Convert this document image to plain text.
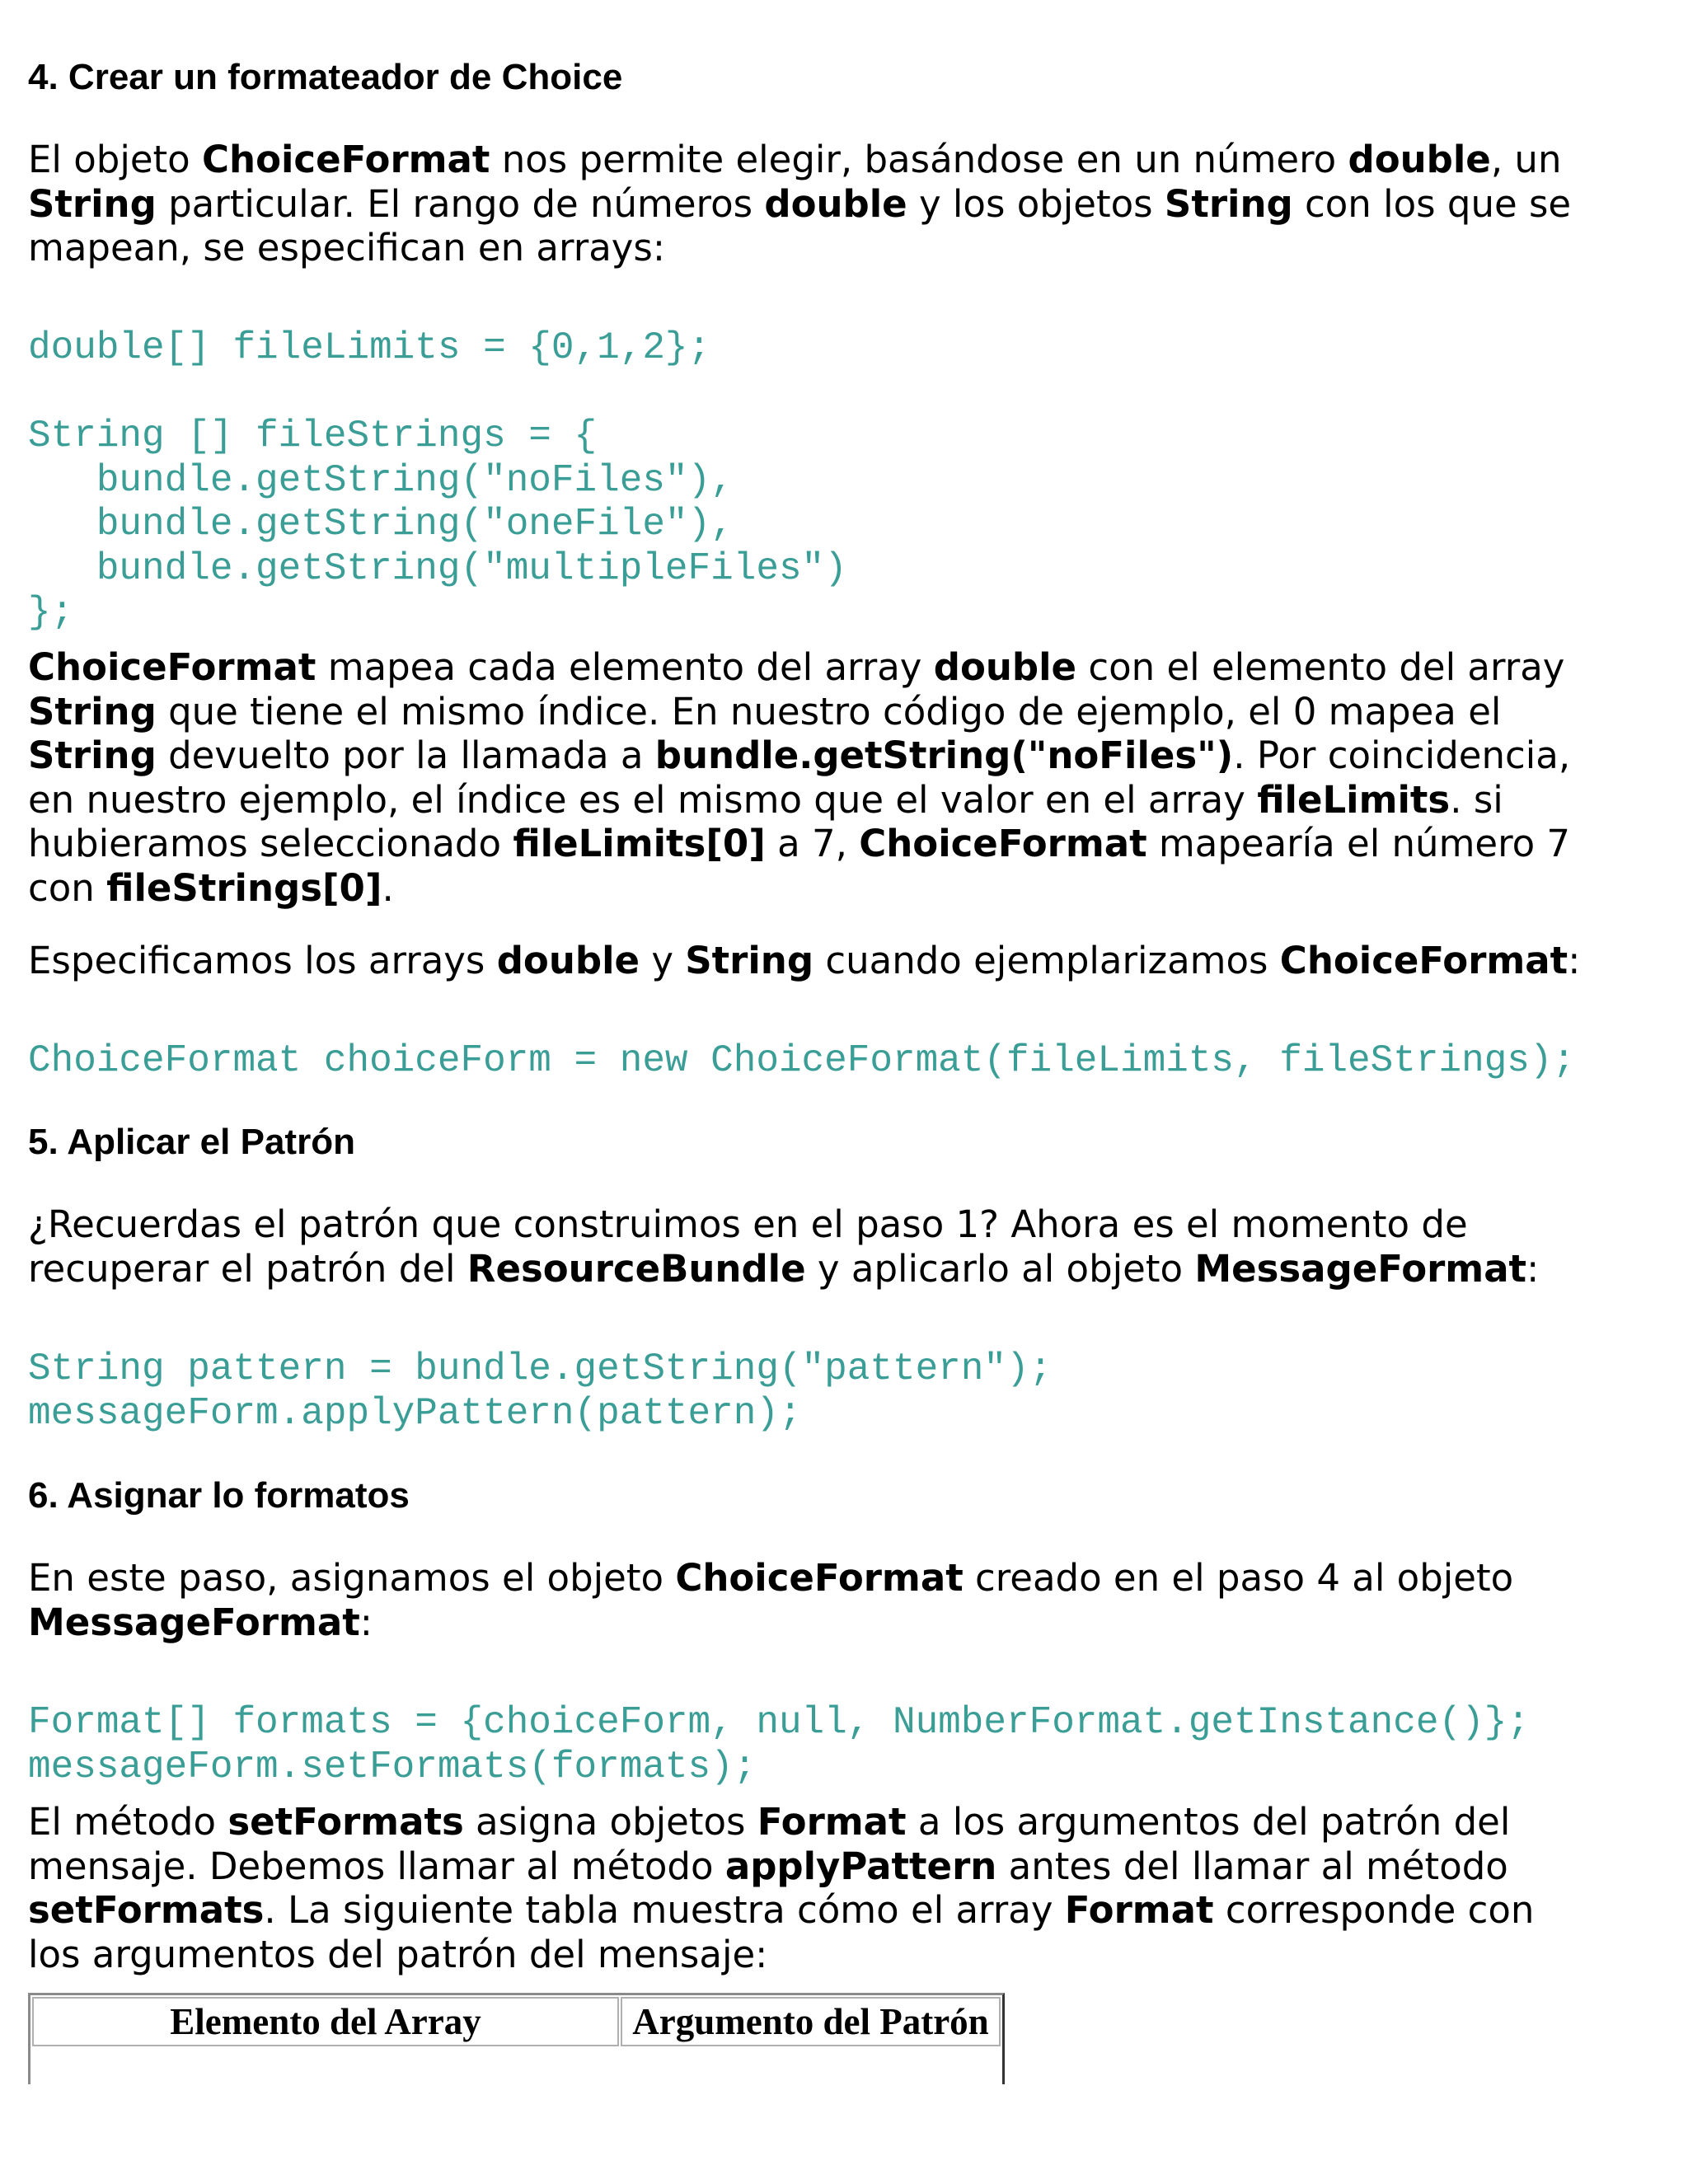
4. Crear un formateador de Choice

El objeto ChoiceFormat nos permite elegir, basándose en un número double, un
String particular. El rango de números double y los objetos String con los que se
mapean, se especifican en arrays:

double[] fileLimits = {0,1,2};
String [] fileStrings = {
bundle.getString("noFiles"),
bundle.getString("oneFile"),
bundle.getString("multipleFiles")
};

ChoiceFormat mapea cada elemento del array double con el elemento del array
String que tiene el mismo índice. En nuestro código de ejemplo, el 0 mapea el
String devuelto por la llamada a bundle.getString("noFiles"). Por coincidencia,
en nuestro ejemplo, el índice es el mismo que el valor en el array fileLimits. si
hubieramos seleccionado fileLimits[0] a 7, ChoiceFormat mapearía el número 7
con fileStrings[0].

Especificamos los arrays double y String cuando ejemplarizamos ChoiceFormat:

ChoiceFormat choiceForm = new ChoiceFormat(fileLimits, fileStrings);
5. Aplicar el Patrón

¿Recuerdas el patrón que construimos en el paso 1? Ahora es el momento de
recuperar el patrón del ResourceBundle y aplicarlo al objeto MessageFormat:

String pattern = bundle.getString("pattern");
messageForm.applyPattern(pattern);
6. Asignar lo formatos

En este paso, asignamos el objeto ChoiceFormat creado en el paso 4 al objeto
MessageFormat:

Format[] formats = {choiceForm, null, NumberFormat.getInstance()};
messageForm.setFormats(formats);

El método setFormats asigna objetos Format a los argumentos del patrón del
mensaje. Debemos llamar al método applyPattern antes del llamar al método
setFormats. La siguiente tabla muestra cómo el array Format corresponde con
los argumentos del patrón del mensaje:

Elemento del Array	Argumento del Patrón
